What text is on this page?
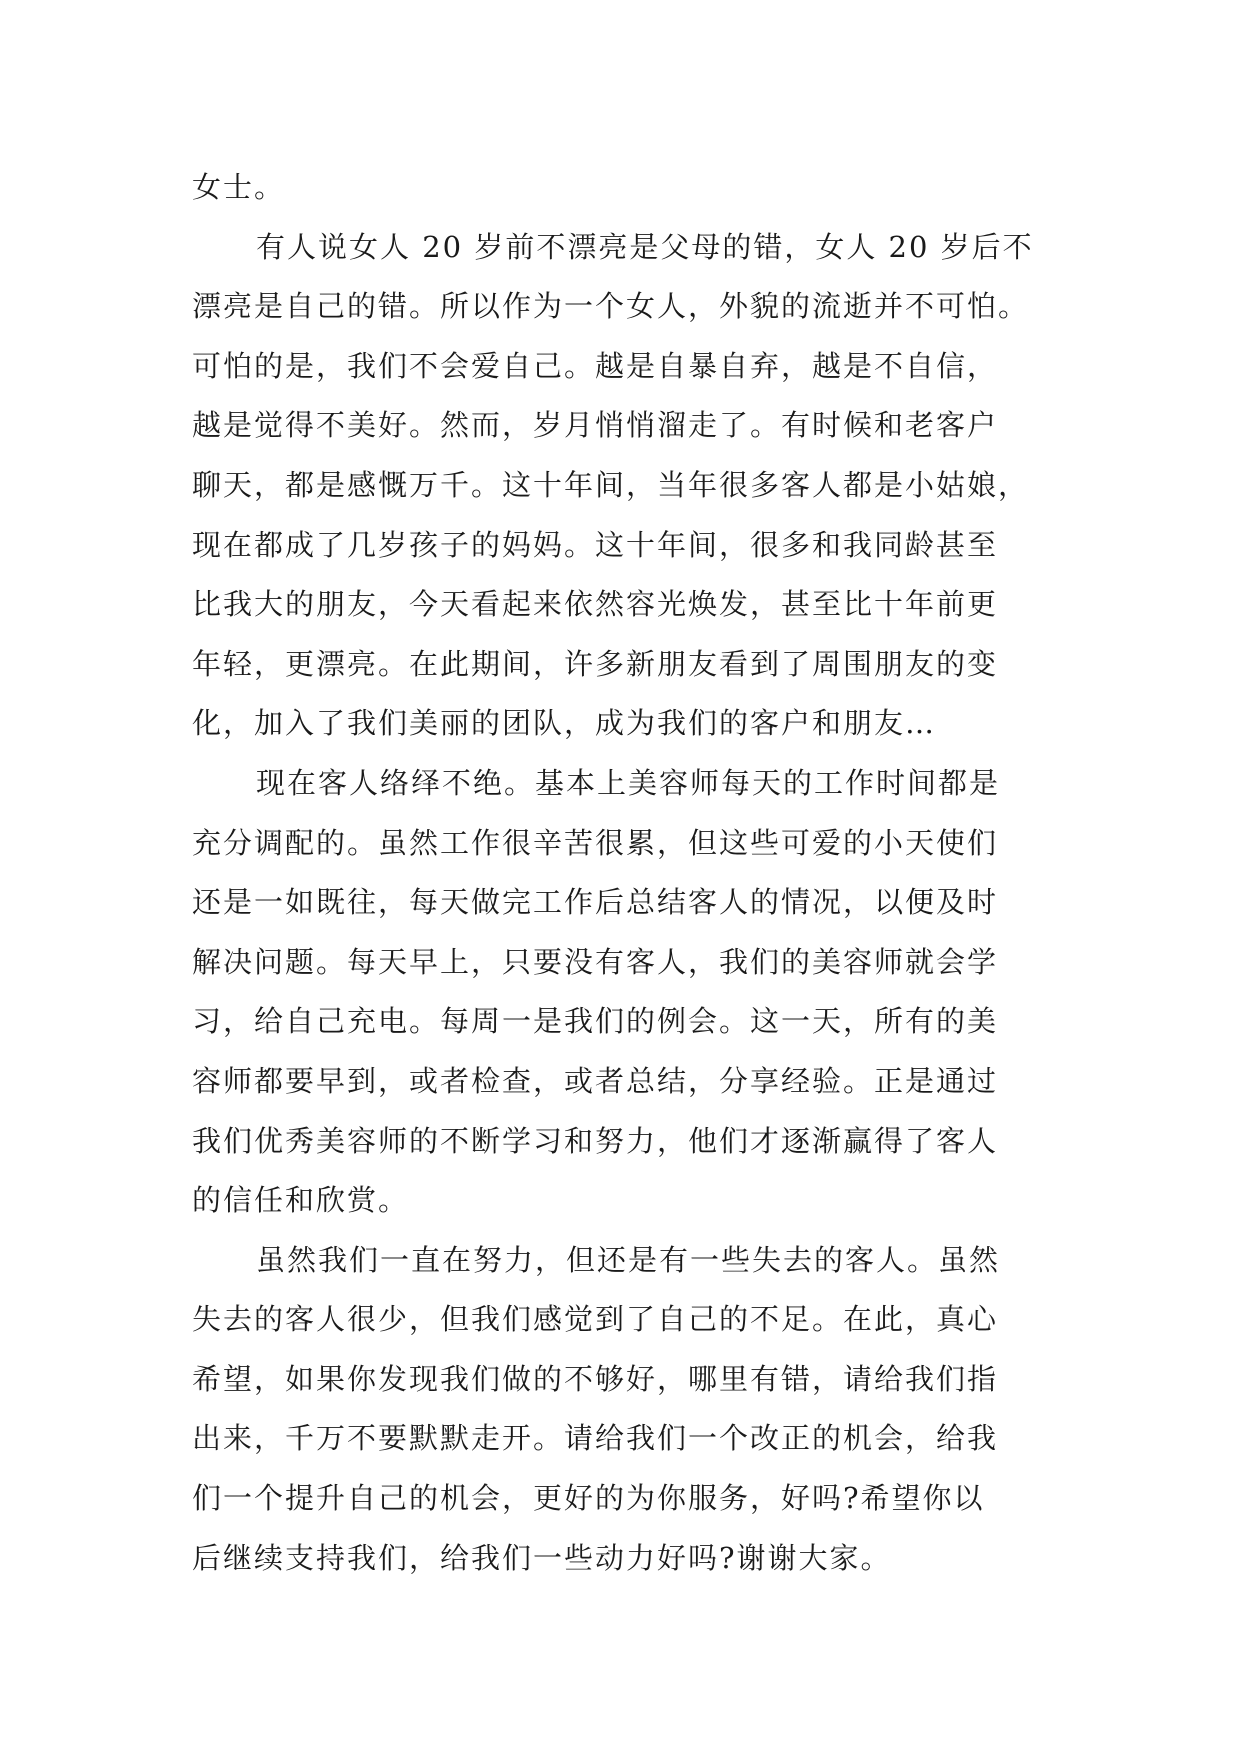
女士。
有人说女人 20 岁前不漂亮是父母的错，女人 20 岁后不
漂亮是自己的错。所以作为一个女人，外貌的流逝并不可怕。
可怕的是，我们不会爱自己。越是自暴自弃，越是不自信，
越是觉得不美好。然而，岁月悄悄溜走了。有时候和老客户
聊天，都是感慨万千。这十年间，当年很多客人都是小姑娘，
现在都成了几岁孩子的妈妈。这十年间，很多和我同龄甚至
比我大的朋友，今天看起来依然容光焕发，甚至比十年前更
年轻，更漂亮。在此期间，许多新朋友看到了周围朋友的变
化，加入了我们美丽的团队，成为我们的客户和朋友…
现在客人络绎不绝。基本上美容师每天的工作时间都是
充分调配的。虽然工作很辛苦很累，但这些可爱的小天使们
还是一如既往，每天做完工作后总结客人的情况，以便及时
解决问题。每天早上，只要没有客人，我们的美容师就会学
习，给自己充电。每周一是我们的例会。这一天，所有的美
容师都要早到，或者检查，或者总结，分享经验。正是通过
我们优秀美容师的不断学习和努力，他们才逐渐赢得了客人
的信任和欣赏。
虽然我们一直在努力，但还是有一些失去的客人。虽然
失去的客人很少，但我们感觉到了自己的不足。在此，真心
希望，如果你发现我们做的不够好，哪里有错，请给我们指
出来，千万不要默默走开。请给我们一个改正的机会，给我
们一个提升自己的机会，更好的为你服务，好吗?希望你以
后继续支持我们，给我们一些动力好吗?谢谢大家。
